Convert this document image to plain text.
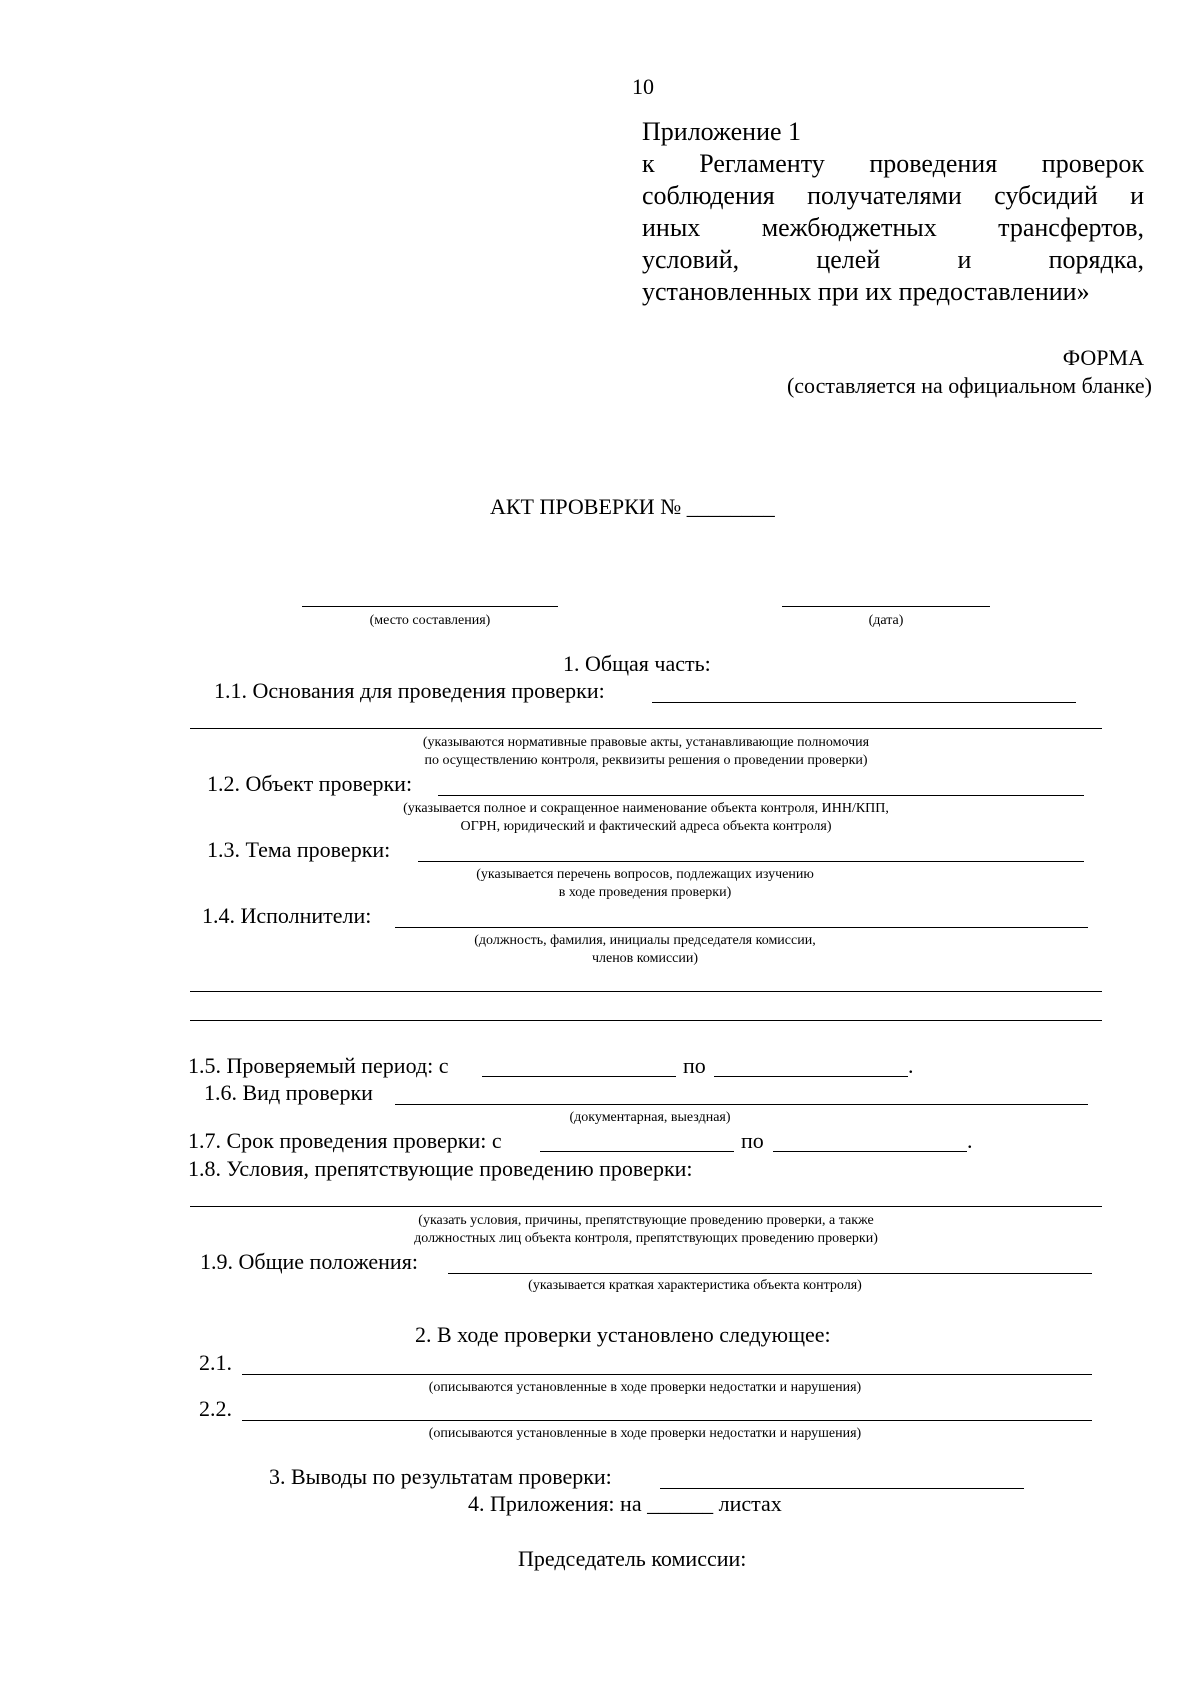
10
Приложение 1
к Регламенту проведения проверок
соблюдения получателями субсидий и
иных межбюджетных трансфертов,
условий, целей и порядка,
установленных при их предоставлении»
ФОРМА
(составляется на официальном бланке)
АКТ ПРОВЕРКИ № ________
(место составления)	(дата)
1. Общая часть:
1.1. Основания для проведения проверки:
(указываются нормативные правовые акты, устанавливающие полномочия
по осуществлению контроля, реквизиты решения о проведении проверки)
1.2. Объект проверки:
(указывается полное и сокращенное наименование объекта контроля, ИНН/КПП,
ОГРН, юридический и фактический адреса объекта контроля)
1.3. Тема проверки:
(указывается перечень вопросов, подлежащих изучению
в ходе проведения проверки)
1.4. Исполнители:
(должность, фамилия, инициалы председателя комиссии,
членов комиссии)
1.5. Проверяемый период: с	по	.
1.6. Вид проверки
(документарная, выездная)
1.7. Срок проведения проверки: с	по	.
1.8. Условия, препятствующие проведению проверки:
(указать условия, причины, препятствующие проведению проверки, а также
должностных лиц объекта контроля, препятствующих проведению проверки)
1.9. Общие положения:
(указывается краткая характеристика объекта контроля)
2. В ходе проверки установлено следующее:
2.1.
(описываются установленные в ходе проверки недостатки и нарушения)
2.2.
(описываются установленные в ходе проверки недостатки и нарушения)
3. Выводы по результатам проверки:
4. Приложения: на ______ листах
Председатель комиссии:
